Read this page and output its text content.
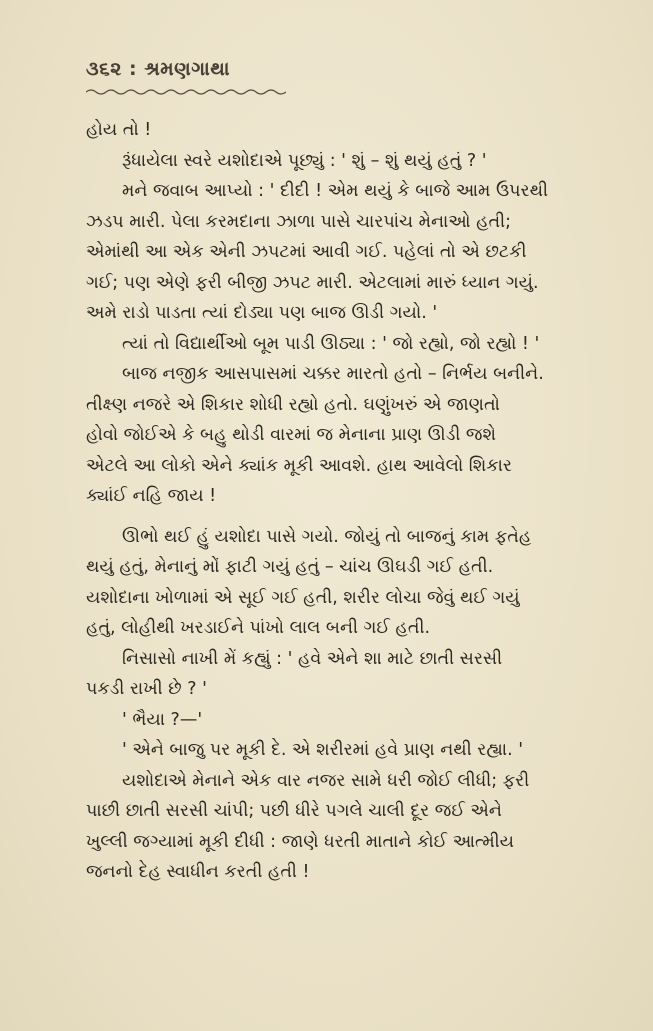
૩૬૨ : શ્રમણગાથા
હોય તો !
રૂંધાયેલા સ્વરે યશોદાએ પૂછ્યું : ' શું – શું થયું હતું ? '
મને જવાબ આપ્યો : ' દીદી ! એમ થયું કે બાજે આમ ઉપરથી
ઝડપ મારી. પેલા કરમદાના ઝાળા પાસે ચારપાંચ મેનાઓ હતી;
એમાંથી આ એક એની ઝપટમાં આવી ગઈ. પહેલાં તો એ છટકી
ગઈ; પણ એણે ફરી બીજી ઝપટ મારી. એટલામાં મારું ધ્યાન ગયું.
અમે રાડો પાડતા ત્યાં દોડ્યા પણ બાજ ઊડી ગયો. '
ત્યાં તો વિદ્યાર્થીઓ બૂમ પાડી ઊઠ્યા : ' જો રહ્યો, જો રહ્યો ! '
બાજ નજીક આસપાસમાં ચક્કર મારતો હતો – નિર્ભય બનીને.
તીક્ષ્ણ નજરે એ શિકાર શોધી રહ્યો હતો. ઘણુંખરું એ જાણતો
હોવો જોઈએ કે બહુ થોડી વારમાં જ મેનાના પ્રાણ ઊડી જશે
એટલે આ લોકો એને ક્યાંક મૂકી આવશે. હાથ આવેલો શિકાર
ક્યાંઈ નહિ જાય !
ઊભો થઈ હું યશોદા પાસે ગયો. જોયું તો બાજનું કામ ફતેહ
થયું હતું, મેનાનું મોં ફાટી ગયું હતું – ચાંચ ઊઘડી ગઈ હતી.
યશોદાના ખોળામાં એ સૂઈ ગઈ હતી, શરીર લોચા જેવું થઈ ગયું
હતું, લોહીથી ખરડાઈને પાંખો લાલ બની ગઈ હતી.
નિસાસો નાખી મેં કહ્યું : ' હવે એને શા માટે છાતી સરસી
પકડી રાખી છે ? '
' ભૈયા ?—'
' એને બાજુ પર મૂકી દે. એ શરીરમાં હવે પ્રાણ નથી રહ્યા. '
યશોદાએ મેનાને એક વાર નજર સામે ધરી જોઈ લીધી; ફરી
પાછી છાતી સરસી ચાંપી; પછી ધીરે પગલે ચાલી દૂર જઈ એને
ખુલ્લી જગ્યામાં મૂકી દીધી : જાણે ધરતી માતાને કોઈ આત્મીય
જનનો દેહ સ્વાધીન કરતી હતી !
